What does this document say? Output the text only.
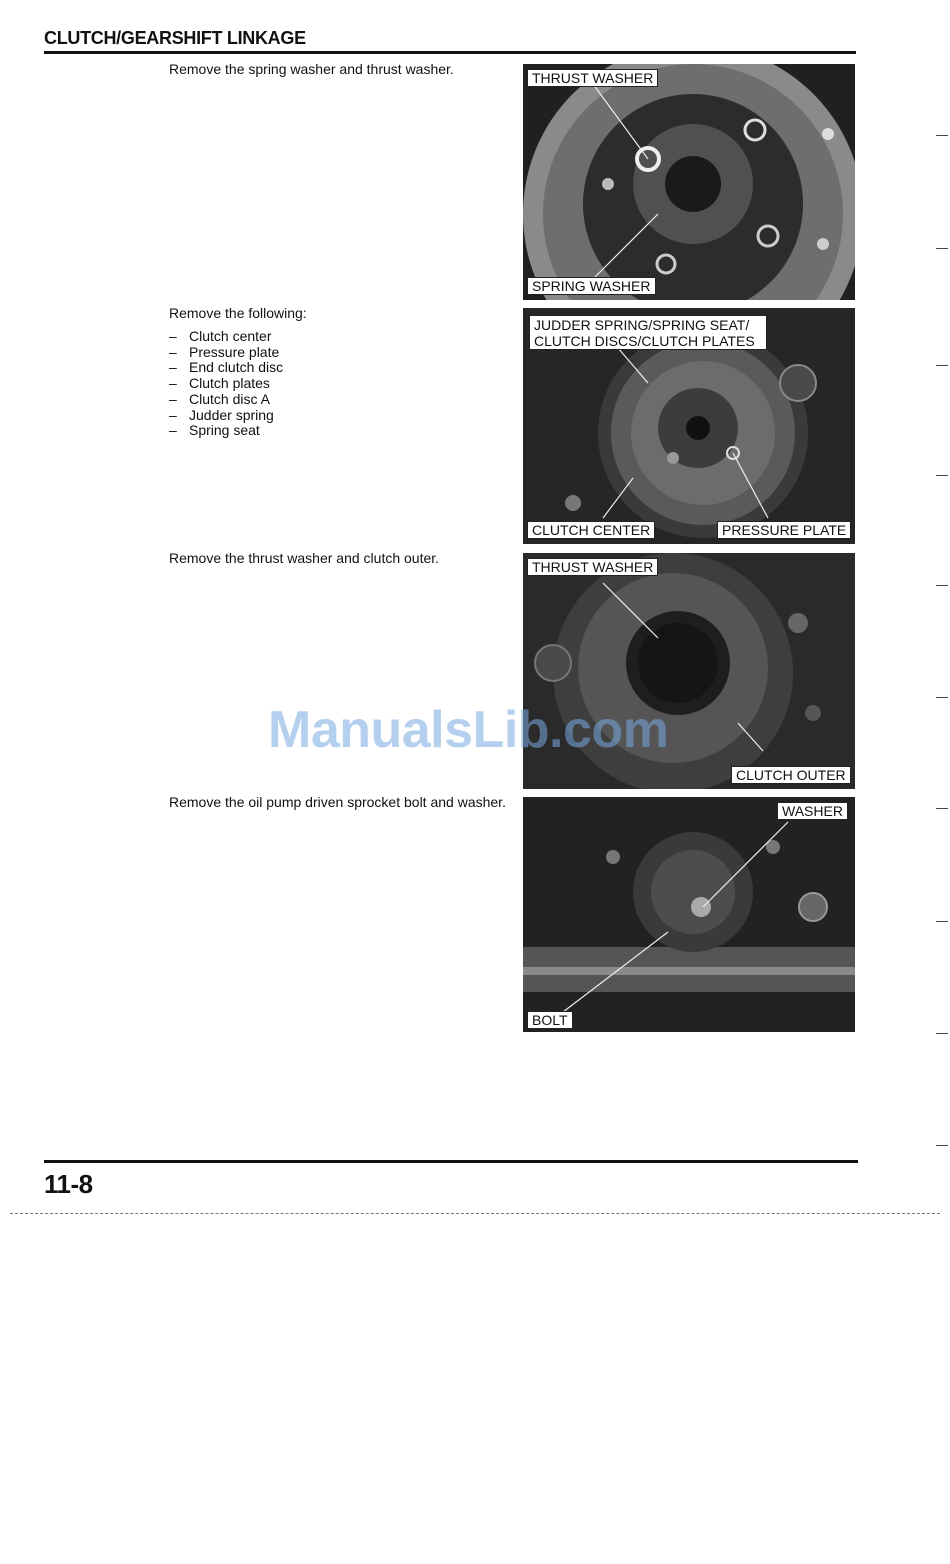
CLUTCH/GEARSHIFT LINKAGE
Remove the spring washer and thrust washer.
THRUST WASHER
SPRING WASHER
Remove the following:
– Clutch center
– Pressure plate
– End clutch disc
– Clutch plates
– Clutch disc A
– Judder spring
– Spring seat
JUDDER SPRING/SPRING SEAT/ CLUTCH DISCS/CLUTCH PLATES
CLUTCH CENTER	PRESSURE PLATE
Remove the thrust washer and clutch outer.
THRUST WASHER
CLUTCH OUTER
Remove the oil pump driven sprocket bolt and washer.
WASHER
BOLT
ManualsLib.com
11-8
